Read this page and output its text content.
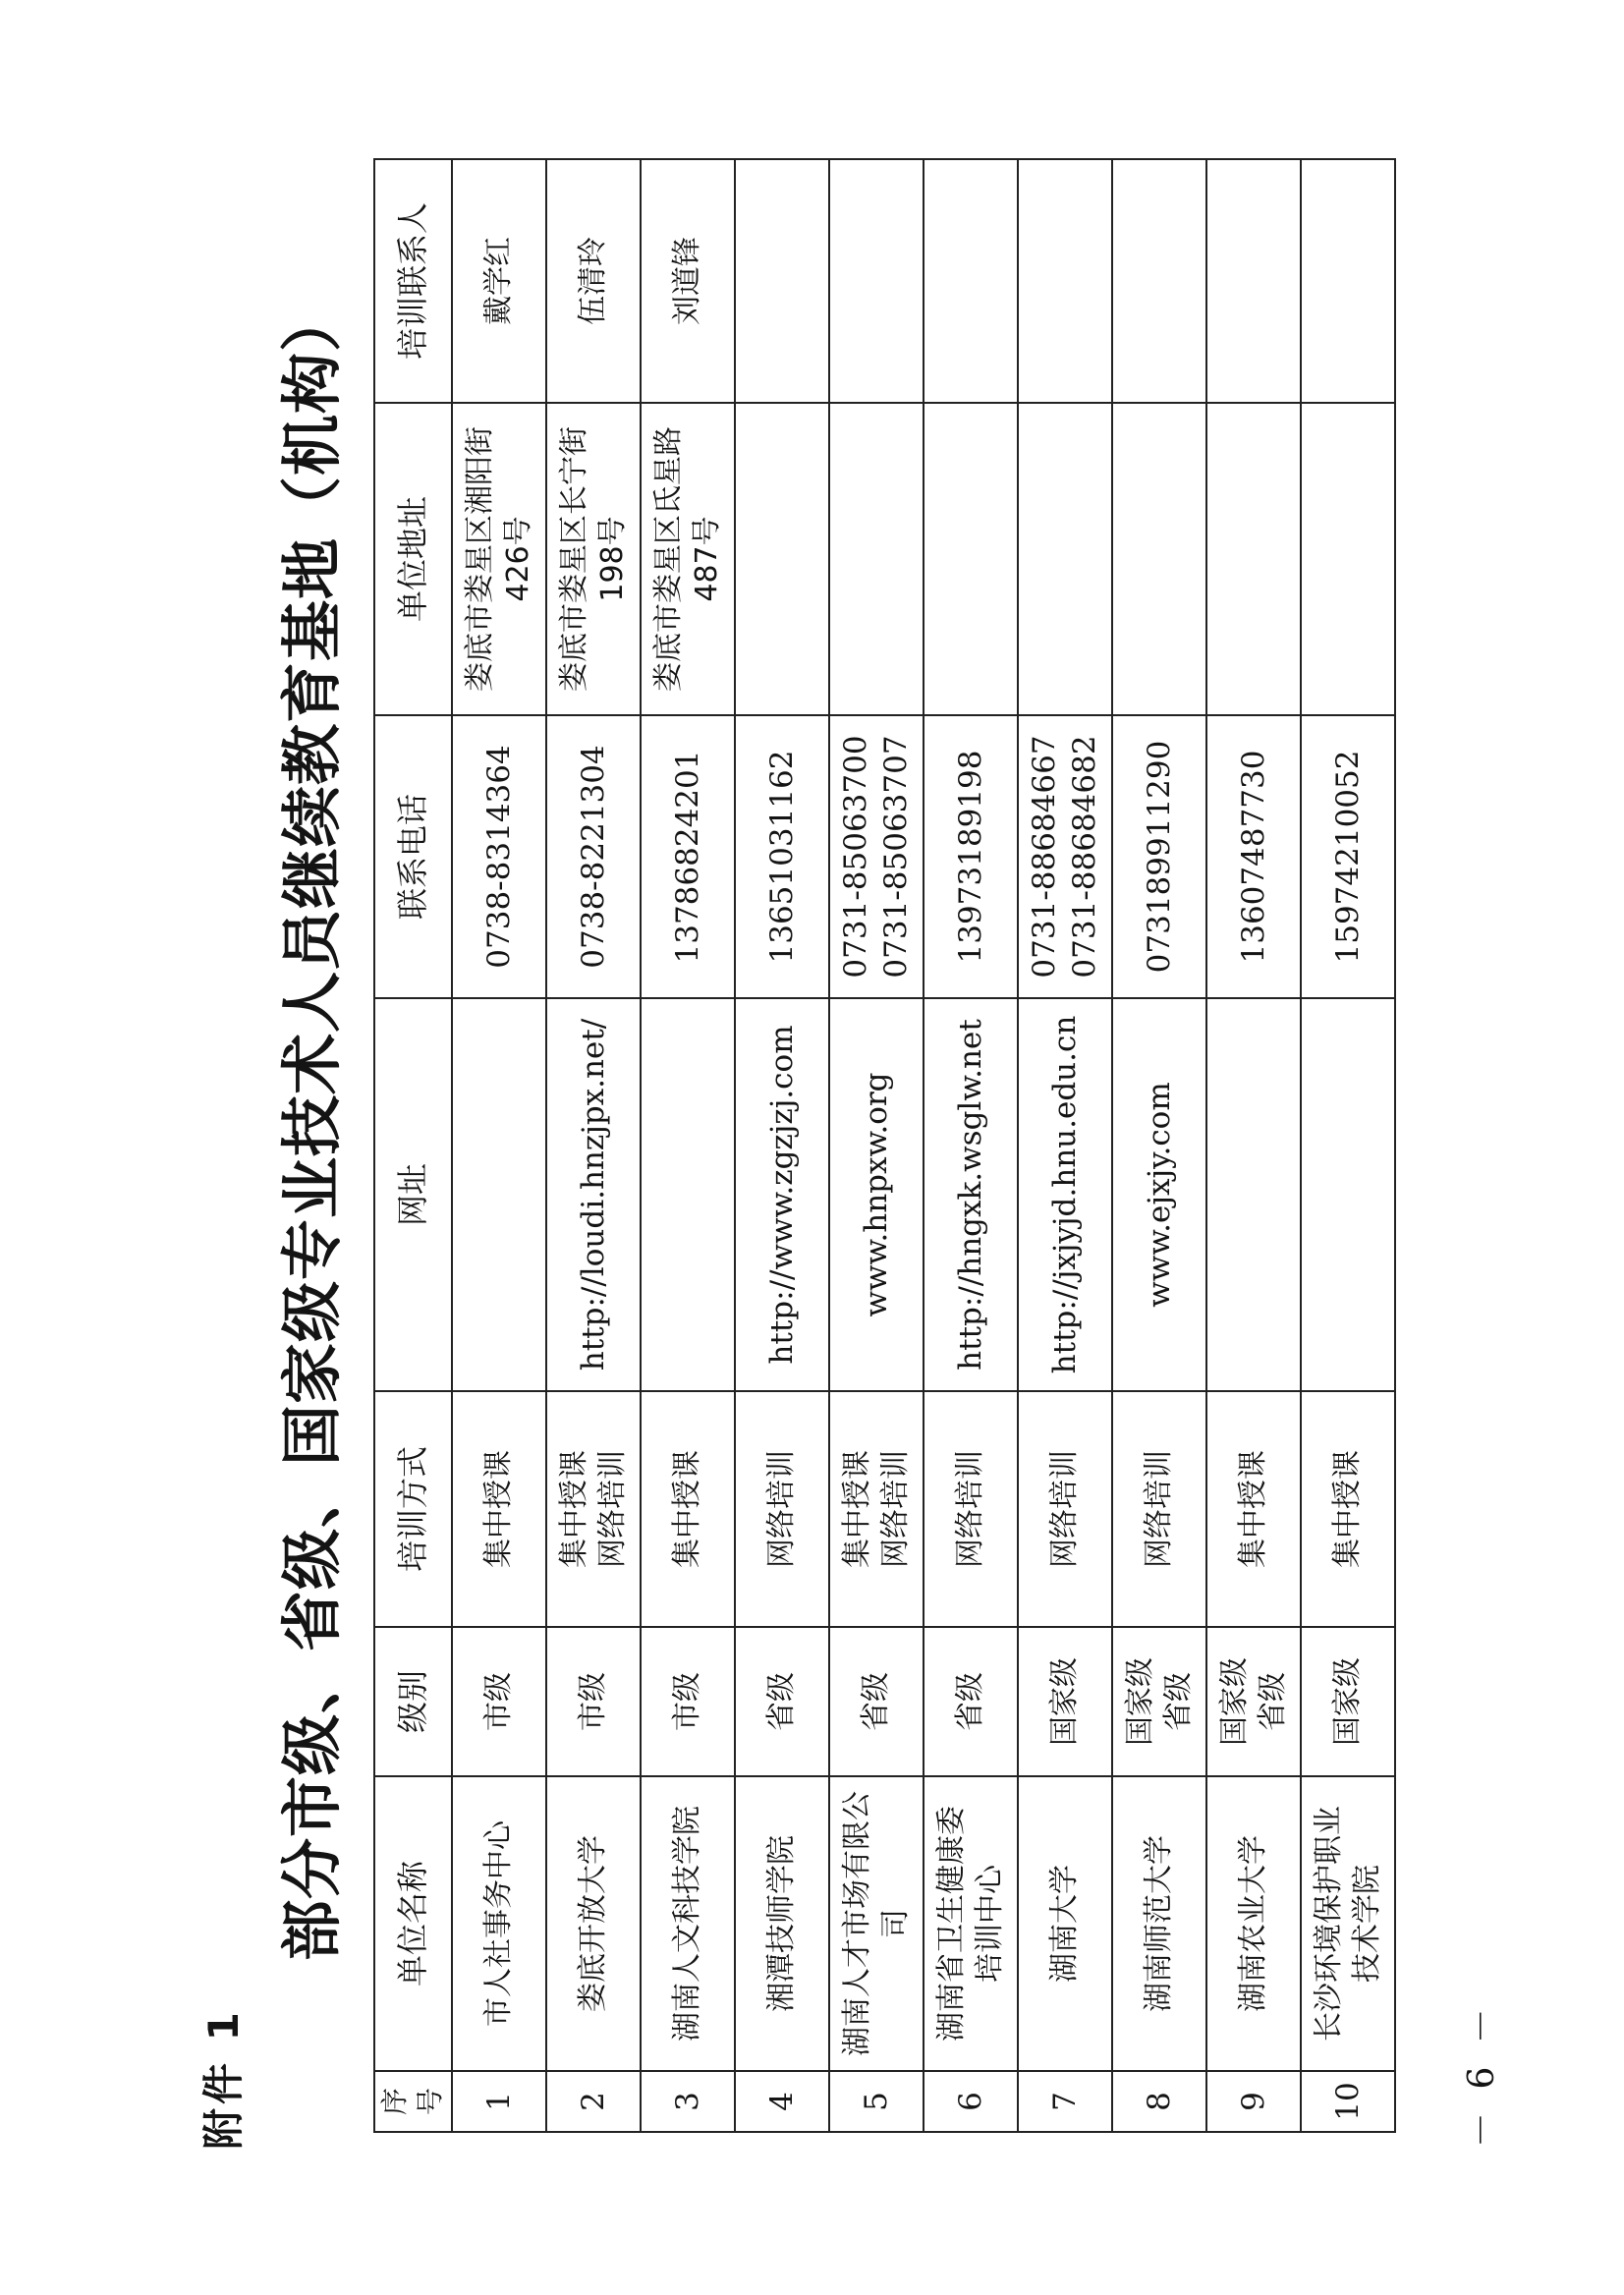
附件 1
部分市级、省级、国家级专业技术人员继续教育基地（机构）
序号	单位名称	级别	培训方式	网址	联系电话	单位地址	培训联系人

1	市人社事务中心	市级	集中授课		0738-8314364	娄底市娄星区湘阳街426号	戴学红

2	娄底开放大学	市级	集中授课 网络培训	http://loudi.hnzjpx.net/	0738-8221304	娄底市娄星区长宁街198号	伍清玲

3	湖南人文科技学院	市级	集中授课		13786824201	娄底市娄星区氐星路487号	刘道锋

4	湘潭技师学院	省级	网络培训	http://www.zgzjzj.com	13651031162		

5	湖南人才市场有限公司	省级	集中授课 网络培训	www.hnpxw.org	0731-85063700 0731-85063707		

6	湖南省卫生健康委 培训中心	省级	网络培训	http://hngxk.wsglw.net	13973189198		

7	湖南大学	国家级	网络培训	http://jxjyjd.hnu.edu.cn	0731-88684667 0731-88684682		

8	湖南师范大学	国家级 省级	网络培训	www.ejxjy.com	073189911290		

9	湖南农业大学	国家级 省级	集中授课		13607487730		

10	长沙环境保护职业 技术学院	国家级	集中授课		15974210052		

－ 6 －
